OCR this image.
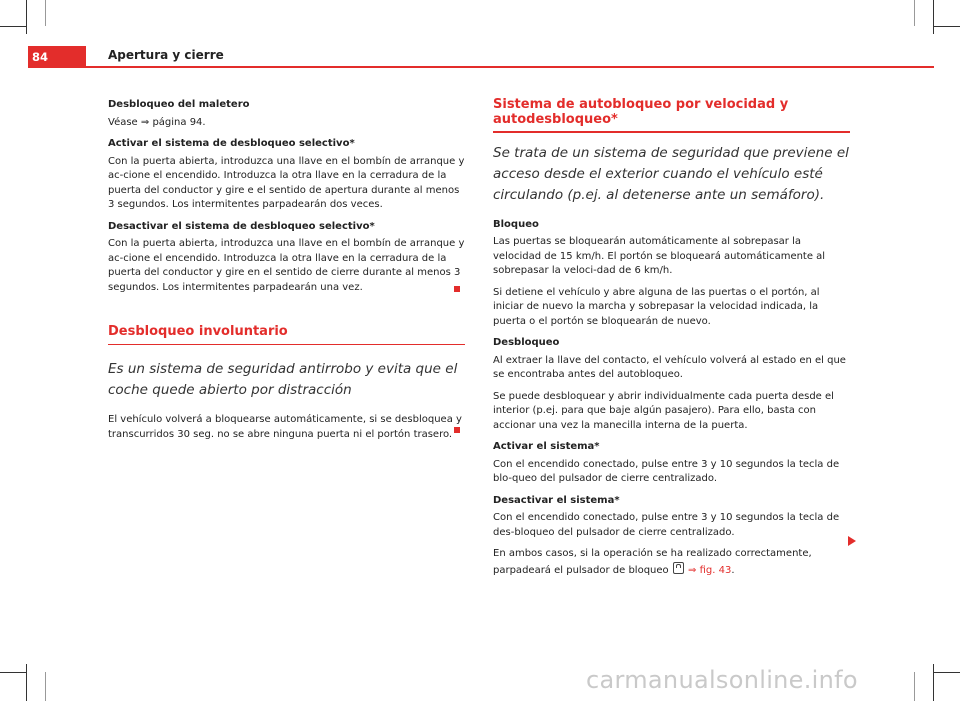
84	Apertura y cierre

Desbloqueo del maletero

Véase ⇒ página 94.

Activar el sistema de desbloqueo selectivo*

Con la puerta abierta, introduzca una llave en el bombín de arranque y ac-cione el encendido. Introduzca la otra llave en la cerradura de la puerta del conductor y gire e el sentido de apertura durante al menos 3 segundos. Los intermitentes parpadearán dos veces.

Desactivar el sistema de desbloqueo selectivo*

Con la puerta abierta, introduzca una llave en el bombín de arranque y ac-cione el encendido. Introduzca la otra llave en la cerradura de la puerta del conductor y gire en el sentido de cierre durante al menos 3 segundos. Los intermitentes parpadearán una vez.

Desbloqueo involuntario
Es un sistema de seguridad antirrobo y evita que el coche quede abierto por distracción

El vehículo volverá a bloquearse automáticamente, si se desbloquea y transcurridos 30 seg. no se abre ninguna puerta ni el portón trasero.

Sistema de autobloqueo por velocidad y autodesbloqueo*
Se trata de un sistema de seguridad que previene el acceso desde el exterior cuando el vehículo esté circulando (p.ej. al detenerse ante un semáforo).

Bloqueo

Las puertas se bloquearán automáticamente al sobrepasar la velocidad de 15 km/h. El portón se bloqueará automáticamente al sobrepasar la veloci-dad de 6 km/h.

Si detiene el vehículo y abre alguna de las puertas o el portón, al iniciar de nuevo la marcha y sobrepasar la velocidad indicada, la puerta o el portón se bloquearán de nuevo.

Desbloqueo

Al extraer la llave del contacto, el vehículo volverá al estado en el que se encontraba antes del autobloqueo.

Se puede desbloquear y abrir individualmente cada puerta desde el interior (p.ej. para que baje algún pasajero). Para ello, basta con accionar una vez la manecilla interna de la puerta.

Activar el sistema*

Con el encendido conectado, pulse entre 3 y 10 segundos la tecla de blo-queo del pulsador de cierre centralizado.

Desactivar el sistema*

Con el encendido conectado, pulse entre 3 y 10 segundos la tecla de des-bloqueo del pulsador de cierre centralizado.

En ambos casos, si la operación se ha realizado correctamente, parpadeará el pulsador de bloqueo ⇒ fig. 43.

carmanualsonline.info
